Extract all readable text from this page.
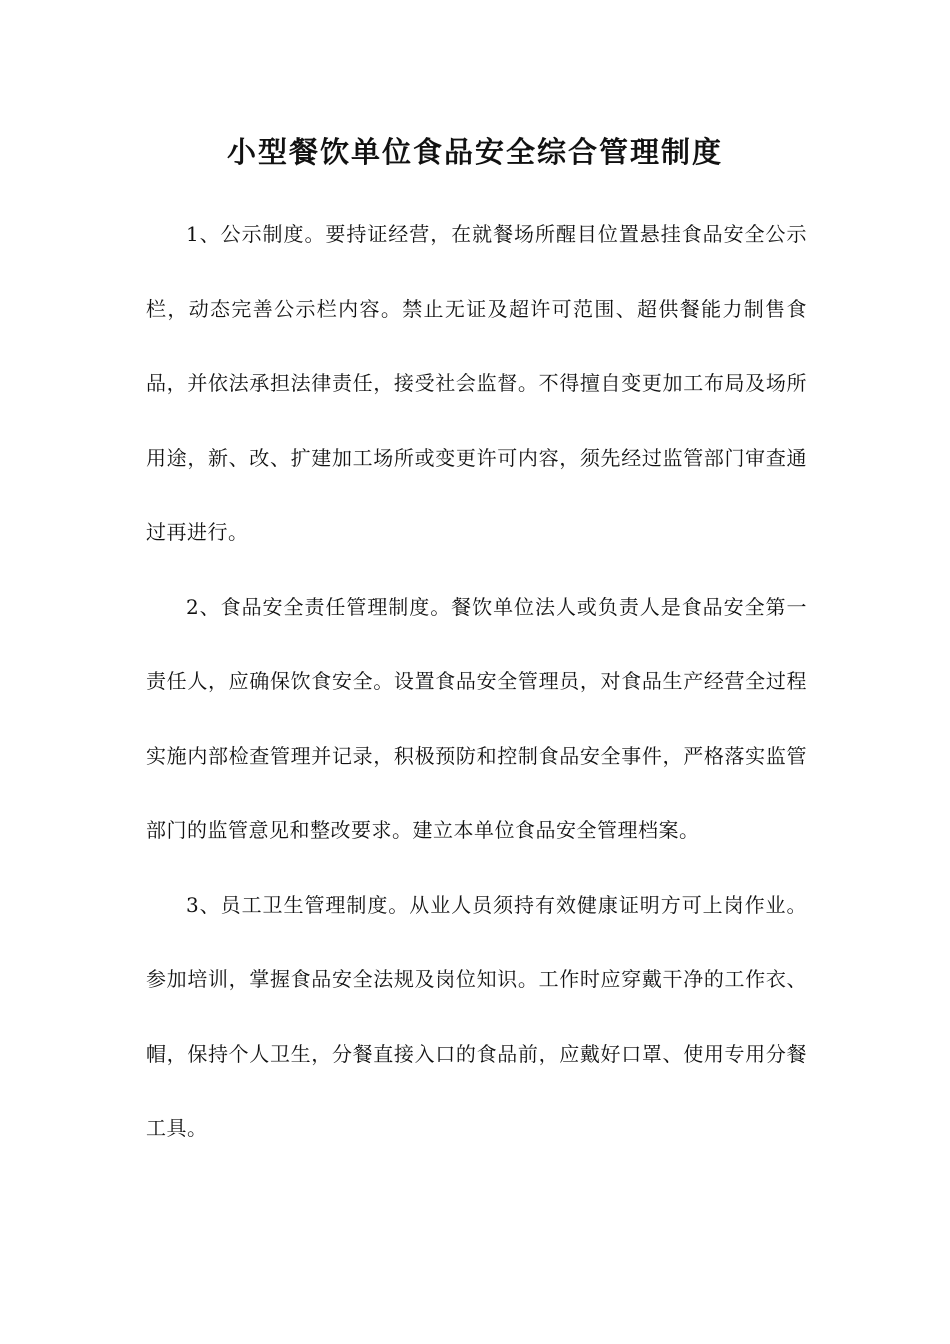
小型餐饮单位食品安全综合管理制度

1、公示制度。要持证经营，在就餐场所醒目位置悬挂食品安全公示栏，动态完善公示栏内容。禁止无证及超许可范围、超供餐能力制售食品，并依法承担法律责任，接受社会监督。不得擅自变更加工布局及场所用途，新、改、扩建加工场所或变更许可内容，须先经过监管部门审查通过再进行。

2、食品安全责任管理制度。餐饮单位法人或负责人是食品安全第一责任人，应确保饮食安全。设置食品安全管理员，对食品生产经营全过程实施内部检查管理并记录，积极预防和控制食品安全事件，严格落实监管部门的监管意见和整改要求。建立本单位食品安全管理档案。

3、员工卫生管理制度。从业人员须持有效健康证明方可上岗作业。参加培训，掌握食品安全法规及岗位知识。工作时应穿戴干净的工作衣、帽，保持个人卫生，分餐直接入口的食品前，应戴好口罩、使用专用分餐工具。
